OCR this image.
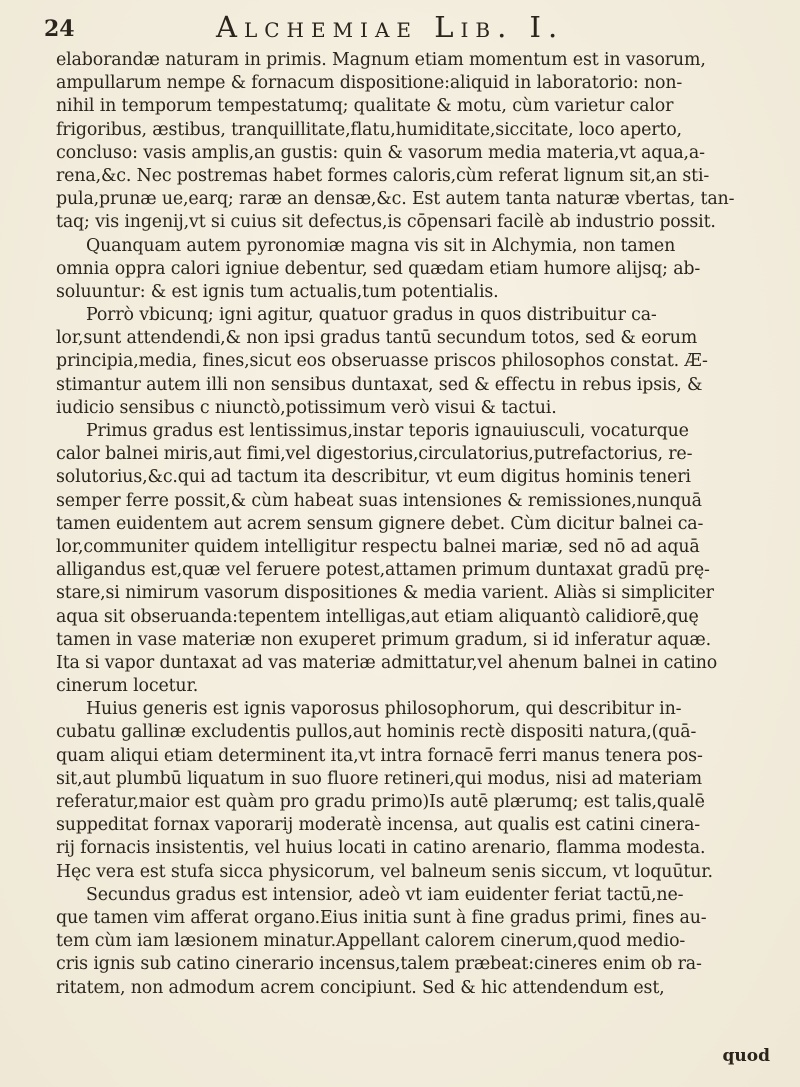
24	Alchemiae Lib. I.
elaborandæ naturam in primis. Magnum etiam momentum est in vasorum,
ampullarum nempe & fornacum dispositione:aliquid in laboratorio: non-
nihil in temporum tempestatumq; qualitate & motu, cùm varietur calor
frigoribus, æstibus, tranquillitate,flatu,humiditate,siccitate, loco aperto,
concluso: vasis amplis,an gustis: quin & vasorum media materia,vt aqua,a-
rena,&c. Nec postremas habet formes caloris,cùm referat lignum sit,an sti-
pula,prunæ ue,earq; raræ an densæ,&c. Est autem tanta naturæ vbertas, tan-
taq; vis ingenij,vt si cuius sit defectus,is cōpensari facilè ab industrio possit.
Quanquam autem pyronomiæ magna vis sit in Alchymia, non tamen
omnia oppra calori igniue debentur, sed quædam etiam humore alijsq; ab-
soluuntur: & est ignis tum actualis,tum potentialis.
Porrò vbicunq; igni agitur, quatuor gradus in quos distribuitur ca-
lor,sunt attendendi,& non ipsi gradus tantū secundum totos, sed & eorum
principia,media, fines,sicut eos obseruasse priscos philosophos constat. Æ-
stimantur autem illi non sensibus duntaxat, sed & effectu in rebus ipsis, &
iudicio sensibus c niunctò,potissimum verò visui & tactui.
Primus gradus est lentissimus,instar teporis ignauiusculi, vocaturque
calor balnei miris,aut fimi,vel digestorius,circulatorius,putrefactorius, re-
solutorius,&c.qui ad tactum ita describitur, vt eum digitus hominis teneri
semper ferre possit,& cùm habeat suas intensiones & remissiones,nunquā
tamen euidentem aut acrem sensum gignere debet. Cùm dicitur balnei ca-
lor,communiter quidem intelligitur respectu balnei mariæ, sed nō ad aquā
alligandus est,quæ vel feruere potest,attamen primum duntaxat gradū prę-
stare,si nimirum vasorum dispositiones & media varient. Aliàs si simpliciter
aqua sit obseruanda:tepentem intelligas,aut etiam aliquantò calidiorē,quę
tamen in vase materiæ non exuperet primum gradum, si id inferatur aquæ.
Ita si vapor duntaxat ad vas materiæ admittatur,vel ahenum balnei in catino
cinerum locetur.
Huius generis est ignis vaporosus philosophorum, qui describitur in-
cubatu gallinæ excludentis pullos,aut hominis rectè dispositi natura,(quā-
quam aliqui etiam determinent ita,vt intra fornacē ferri manus tenera pos-
sit,aut plumbū liquatum in suo fluore retineri,qui modus, nisi ad materiam
referatur,maior est quàm pro gradu primo)Is autē plærumq; est talis,qualē
suppeditat fornax vaporarij moderatè incensa, aut qualis est catini cinera-
rij fornacis insistentis, vel huius locati in catino arenario, flamma modesta.
Hęc vera est stufa sicca physicorum, vel balneum senis siccum, vt loquūtur.
Secundus gradus est intensior, adeò vt iam euidenter feriat tactū,ne-
que tamen vim afferat organo.Eius initia sunt à fine gradus primi, fines au-
tem cùm iam læsionem minatur.Appellant calorem cinerum,quod medio-
cris ignis sub catino cinerario incensus,talem præbeat:cineres enim ob ra-
ritatem, non admodum acrem concipiunt. Sed & hic attendendum est,
quod
